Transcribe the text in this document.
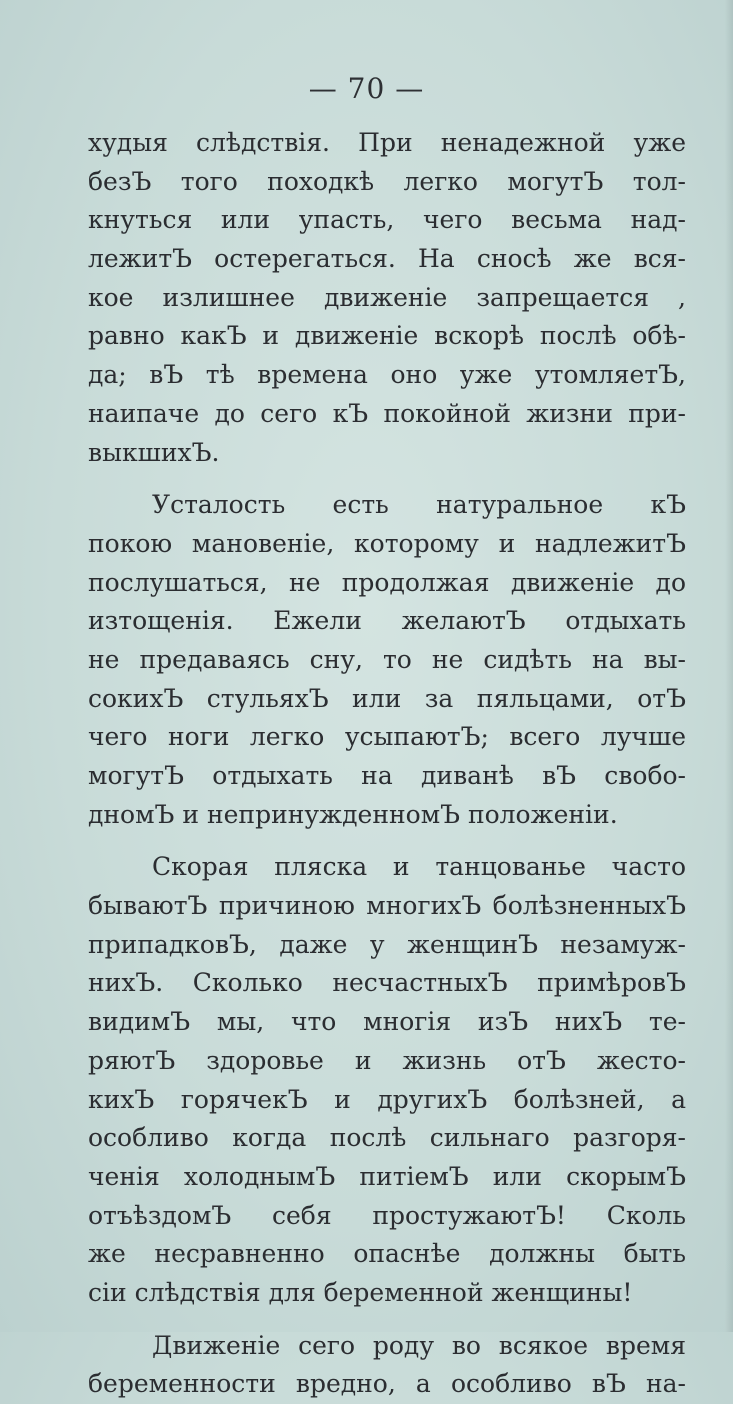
— 70 —
худыя слѣдствія. При ненадежной уже
безЪ того походкѣ легко могутЪ тол-
кнуться или упасть, чего весьма над-
лежитЪ остерегаться. На сносѣ же вся-
кое излишнее движеніе запрещается ,
равно какЪ и движеніе вскорѣ послѣ обѣ-
да; вЪ тѣ времена оно уже утомляетЪ,
наипаче до сего кЪ покойной жизни при-
выкшихЪ.
Усталость есть натуральное кЪ
покою мановеніе, которому и надлежитЪ
послушаться, не продолжая движеніе до
изтощенія. Ежели желаютЪ отдыхать
не предаваясь сну, то не сидѣть на вы-
сокихЪ стульяхЪ или за пяльцами, отЪ
чего ноги легко усыпаютЪ; всего лучше
могутЪ отдыхать на диванѣ вЪ свобо-
дномЪ и непринужденномЪ положеніи.
Скорая пляска и танцованье часто
бываютЪ причиною многихЪ болѣзненныхЪ
припадковЪ, даже у женщинЪ незамуж-
нихЪ. Сколько несчастныхЪ примѣровЪ
видимЪ мы, что многія изЪ нихЪ те-
ряютЪ здоровье и жизнь отЪ жесто-
кихЪ горячекЪ и другихЪ болѣзней, а
особливо когда послѣ сильнаго разгоря-
ченія холоднымЪ питіемЪ или скорымЪ
отъѣздомЪ себя простужаютЪ! Сколь
же несравненно опаснѣе должны быть
сіи слѣдствія для беременной женщины!
Движеніе сего роду во всякое время
беременности вредно, а особливо вЪ на-
